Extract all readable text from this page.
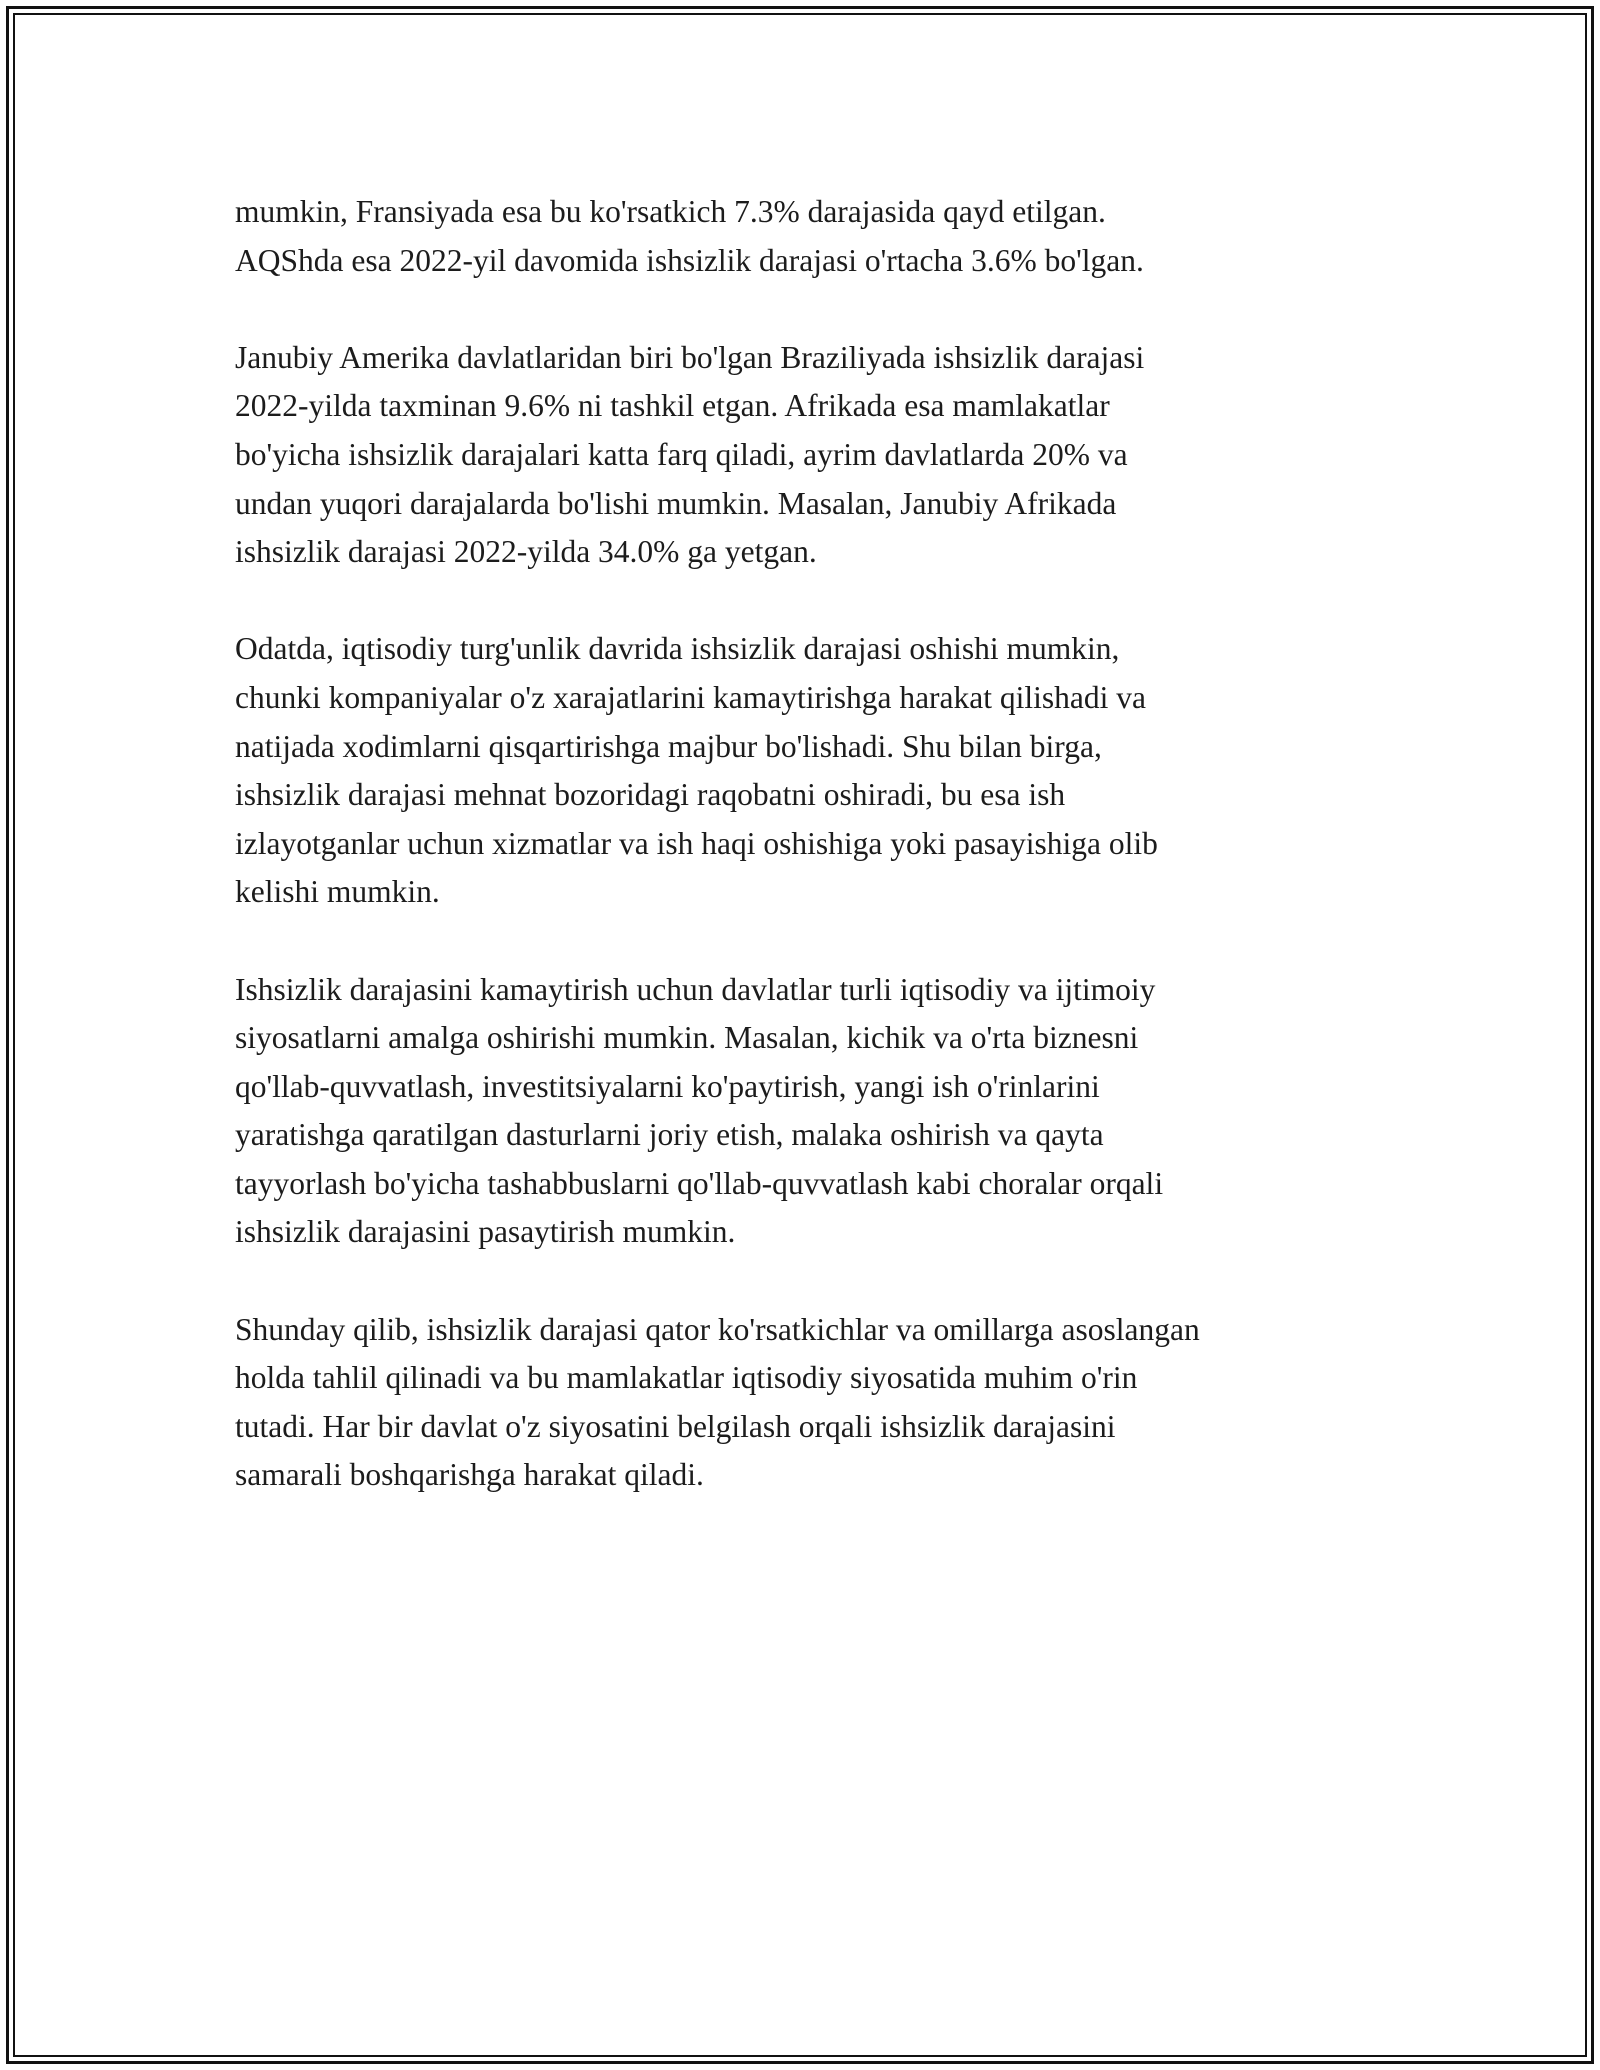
mumkin, Fransiyada esa bu ko'rsatkich 7.3% darajasida qayd etilgan.
AQShda esa 2022-yil davomida ishsizlik darajasi o'rtacha 3.6% bo'lgan.

Janubiy Amerika davlatlaridan biri bo'lgan Braziliyada ishsizlik darajasi
2022-yilda taxminan 9.6% ni tashkil etgan. Afrikada esa mamlakatlar
bo'yicha ishsizlik darajalari katta farq qiladi, ayrim davlatlarda 20% va
undan yuqori darajalarda bo'lishi mumkin. Masalan, Janubiy Afrikada
ishsizlik darajasi 2022-yilda 34.0% ga yetgan.

Odatda, iqtisodiy turg'unlik davrida ishsizlik darajasi oshishi mumkin,
chunki kompaniyalar o'z xarajatlarini kamaytirishga harakat qilishadi va
natijada xodimlarni qisqartirishga majbur bo'lishadi. Shu bilan birga,
ishsizlik darajasi mehnat bozoridagi raqobatni oshiradi, bu esa ish
izlayotganlar uchun xizmatlar va ish haqi oshishiga yoki pasayishiga olib
kelishi mumkin.

Ishsizlik darajasini kamaytirish uchun davlatlar turli iqtisodiy va ijtimoiy
siyosatlarni amalga oshirishi mumkin. Masalan, kichik va o'rta biznesni
qo'llab-quvvatlash, investitsiyalarni ko'paytirish, yangi ish o'rinlarini
yaratishga qaratilgan dasturlarni joriy etish, malaka oshirish va qayta
tayyorlash bo'yicha tashabbuslarni qo'llab-quvvatlash kabi choralar orqali
ishsizlik darajasini pasaytirish mumkin.

Shunday qilib, ishsizlik darajasi qator ko'rsatkichlar va omillarga asoslangan
holda tahlil qilinadi va bu mamlakatlar iqtisodiy siyosatida muhim o'rin
tutadi. Har bir davlat o'z siyosatini belgilash orqali ishsizlik darajasini
samarali boshqarishga harakat qiladi.
